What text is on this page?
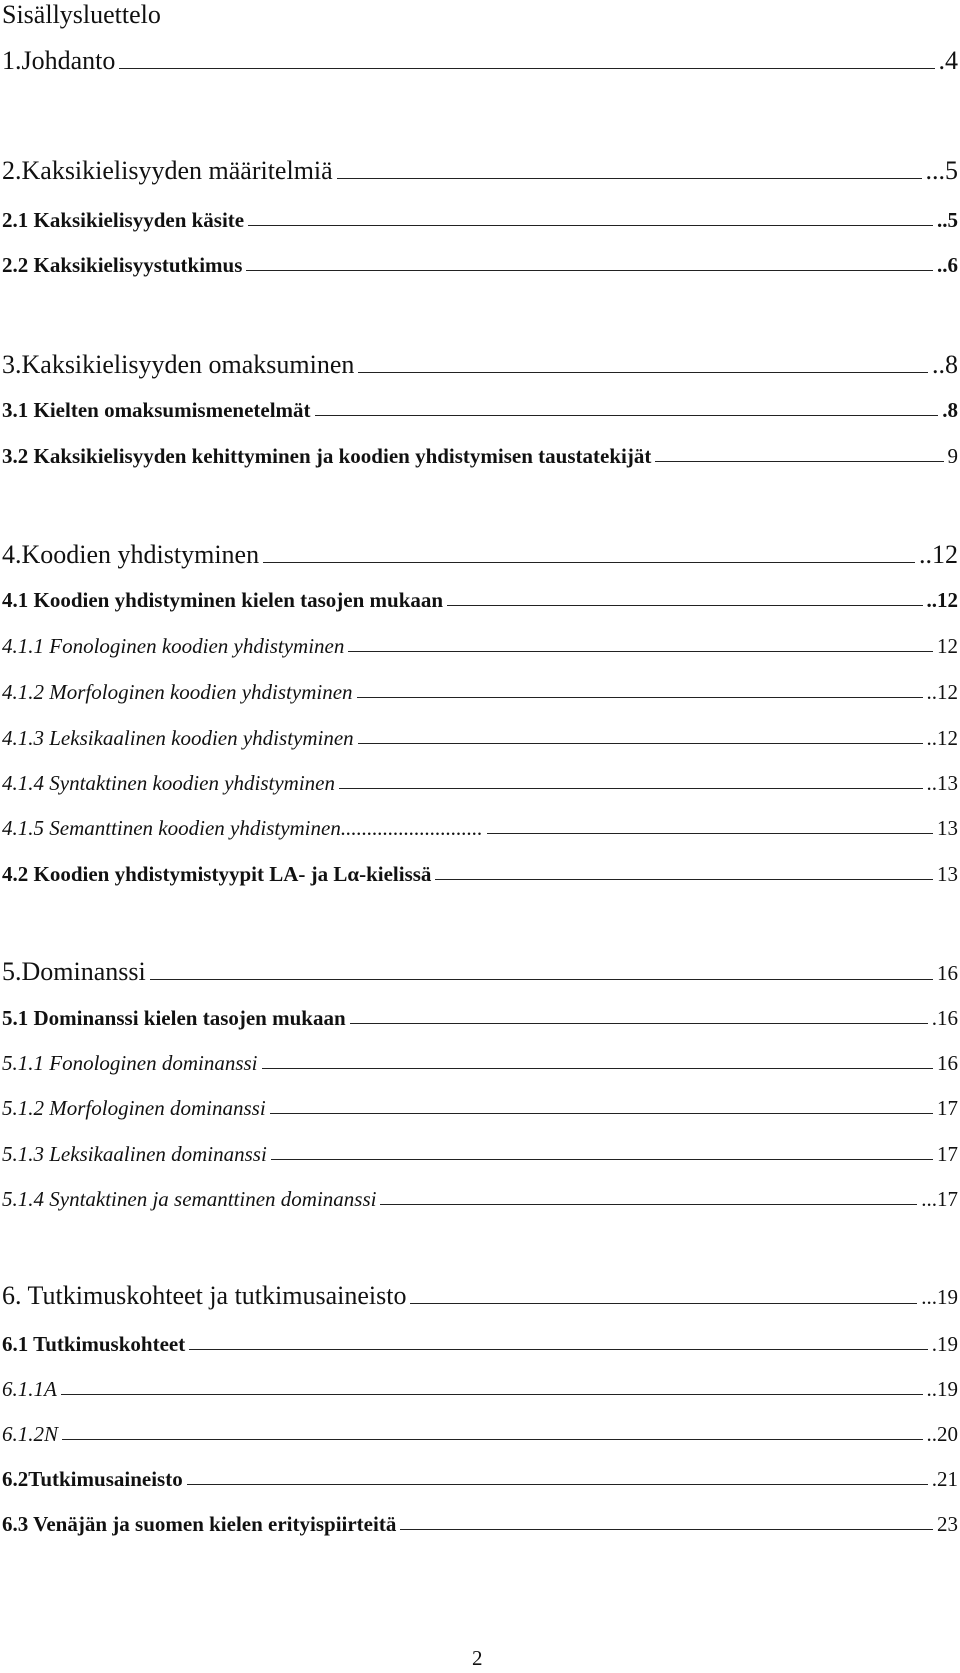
Sisällysluettelo
1.Johdanto	.4
2.Kaksikielisyyden määritelmiä	...5
2.1 Kaksikielisyyden käsite	..5
2.2 Kaksikielisyystutkimus	..6
3.Kaksikielisyyden omaksuminen	..8
3.1 Kielten omaksumismenetelmät	.8
3.2 Kaksikielisyyden kehittyminen ja koodien yhdistymisen taustatekijät	9
4.Koodien yhdistyminen	..12
4.1 Koodien yhdistyminen kielen tasojen mukaan	..12
4.1.1 Fonologinen koodien yhdistyminen	12
4.1.2 Morfologinen koodien yhdistyminen	..12
4.1.3 Leksikaalinen koodien yhdistyminen	..12
4.1.4 Syntaktinen koodien yhdistyminen	..13
4.1.5 Semanttinen koodien yhdistyminen...........................	13
4.2 Koodien yhdistymistyypit LA- ja Lα-kielissä	13
5.Dominanssi	16
5.1 Dominanssi kielen tasojen mukaan	.16
5.1.1 Fonologinen dominanssi	16
5.1.2 Morfologinen dominanssi	17
5.1.3 Leksikaalinen dominanssi	17
5.1.4 Syntaktinen ja semanttinen dominanssi	...17
6. Tutkimuskohteet ja tutkimusaineisto	...19
6.1 Tutkimuskohteet	.19
6.1.1A	..19
6.1.2N	..20
6.2Tutkimusaineisto	.21
6.3 Venäjän ja suomen kielen erityispiirteitä	23
2
